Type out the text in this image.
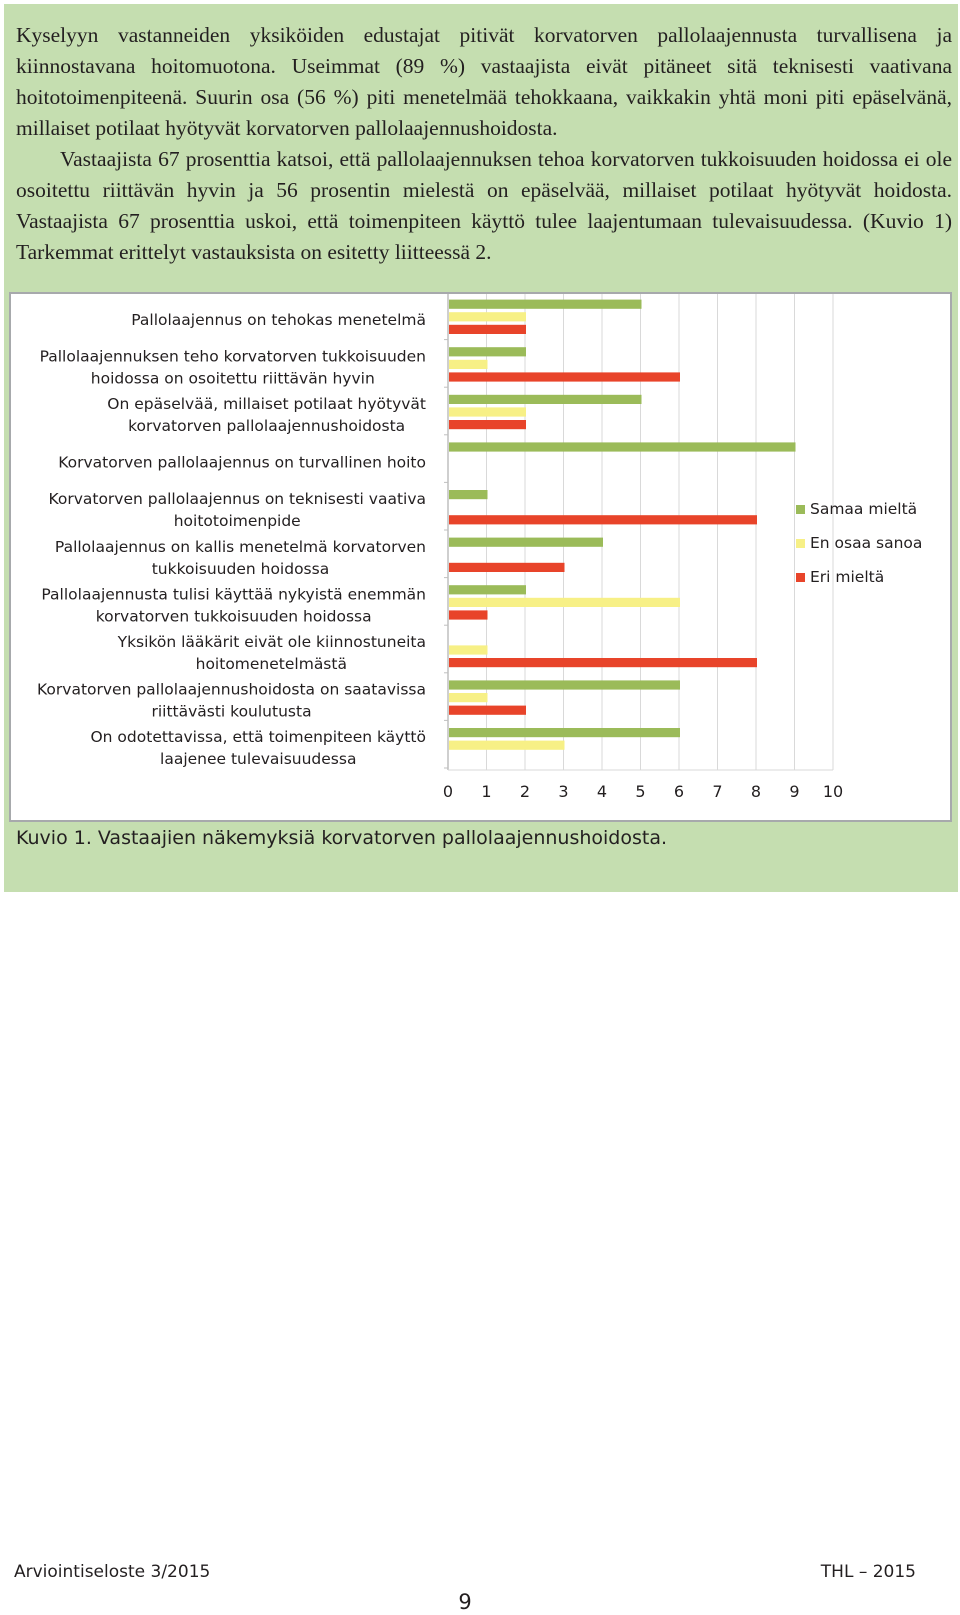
Kyselyyn vastanneiden yksiköiden edustajat pitivät korvatorven pallolaajennusta turvallisena ja kiinnostavana hoitomuotona. Useimmat (89 %) vastaajista eivät pitäneet sitä teknisesti vaativana hoitotoimenpiteenä. Suurin osa (56 %) piti menetelmää tehokkaana, vaikkakin yhtä moni piti epäselvänä, millaiset potilaat hyötyvät korvatorven pallolaajennushoidosta.

Vastaajista 67 prosenttia katsoi, että pallolaajennuksen tehoa korvatorven tukkoisuuden hoidossa ei ole osoitettu riittävän hyvin ja 56 prosentin mielestä on epäselvää, millaiset potilaat hyötyvät hoidosta. Vastaajista 67 prosenttia uskoi, että toimenpiteen käyttö tulee laajentumaan tulevaisuudessa. (Kuvio 1) Tarkemmat erittelyt vastauksista on esitetty liitteessä 2.

Pallolaajennus on tehokas menetelmä
Pallolaajennuksen teho korvatorven tukkoisuuden hoidossa on osoitettu riittävän hyvin
On epäselvää, millaiset potilaat hyötyvät korvatorven pallolaajennushoidosta
Korvatorven pallolaajennus on turvallinen hoito
Korvatorven pallolaajennus on teknisesti vaativa hoitotoimenpide
Pallolaajennus on kallis menetelmä korvatorven tukkoisuuden hoidossa
Pallolaajennusta tulisi käyttää nykyistä enemmän korvatorven tukkoisuuden hoidossa
Yksikön lääkärit eivät ole kiinnostuneita hoitomenetelmästä
Korvatorven pallolaajennushoidosta on saatavissa riittävästi koulutusta
On odotettavissa, että toimenpiteen käyttö laajenee tulevaisuudessa
0 1 2 3 4 5 6 7 8 9 10
Samaa mieltä
En osaa sanoa
Eri mieltä
Kuvio 1. Vastaajien näkemyksiä korvatorven pallolaajennushoidosta.
Arviointiseloste 3/2015	THL – 2015
9
